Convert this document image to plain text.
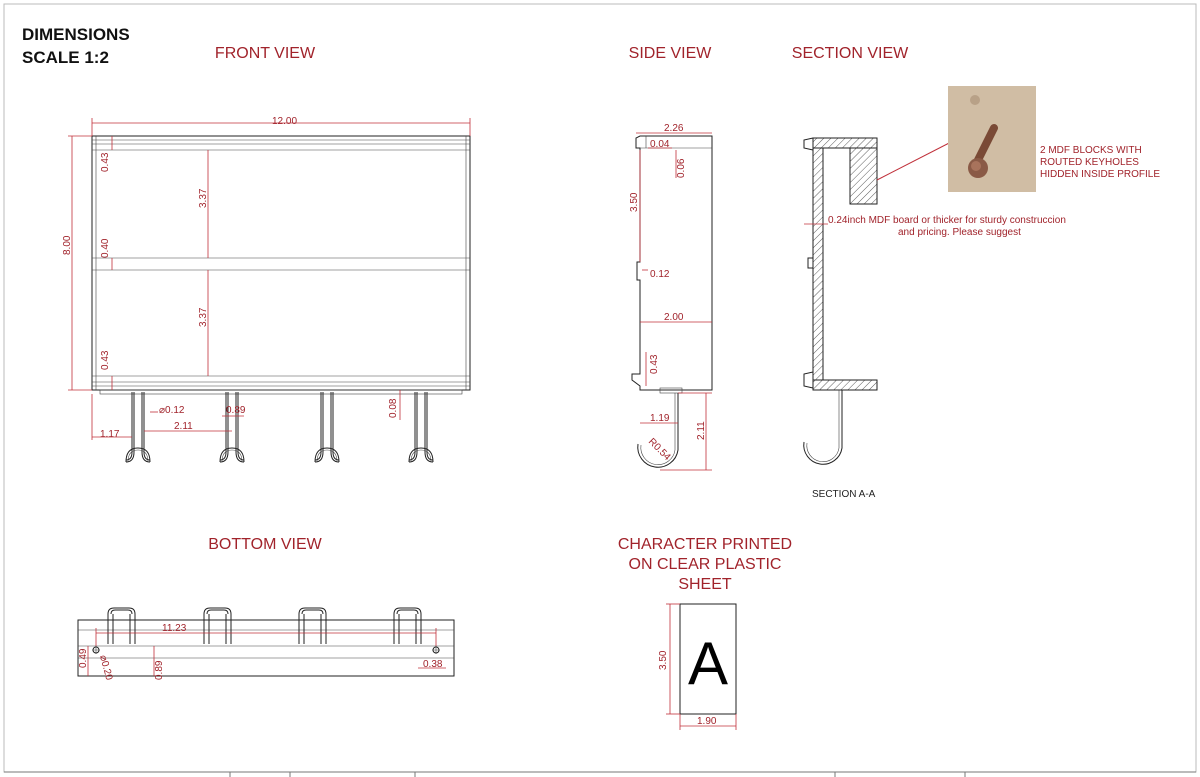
DIMENSIONS
SCALE 1:2	FRONT VIEW	SIDE VIEW	SECTION VIEW
BOTTOM VIEW	CHARACTER PRINTED
ON CLEAR PLASTIC
SHEET
2 MDF BLOCKS WITH
ROUTED KEYHOLES
HIDDEN INSIDE PROFILE
0.24inch MDF board or thicker for sturdy construccion
and pricing. Please suggest
12.00
8.00
0.43
0.40
0.43
3.37
3.37
⌀0.12	0.89
2.11
1.17
0.08
2.26
0.04
0.06
3.50
0.12
2.00
0.43
1.19
R0.54
2.11
SECTION A-A
11.23
0.49 ⌀0.20	0.89	0.38	A
3.50
1.90
